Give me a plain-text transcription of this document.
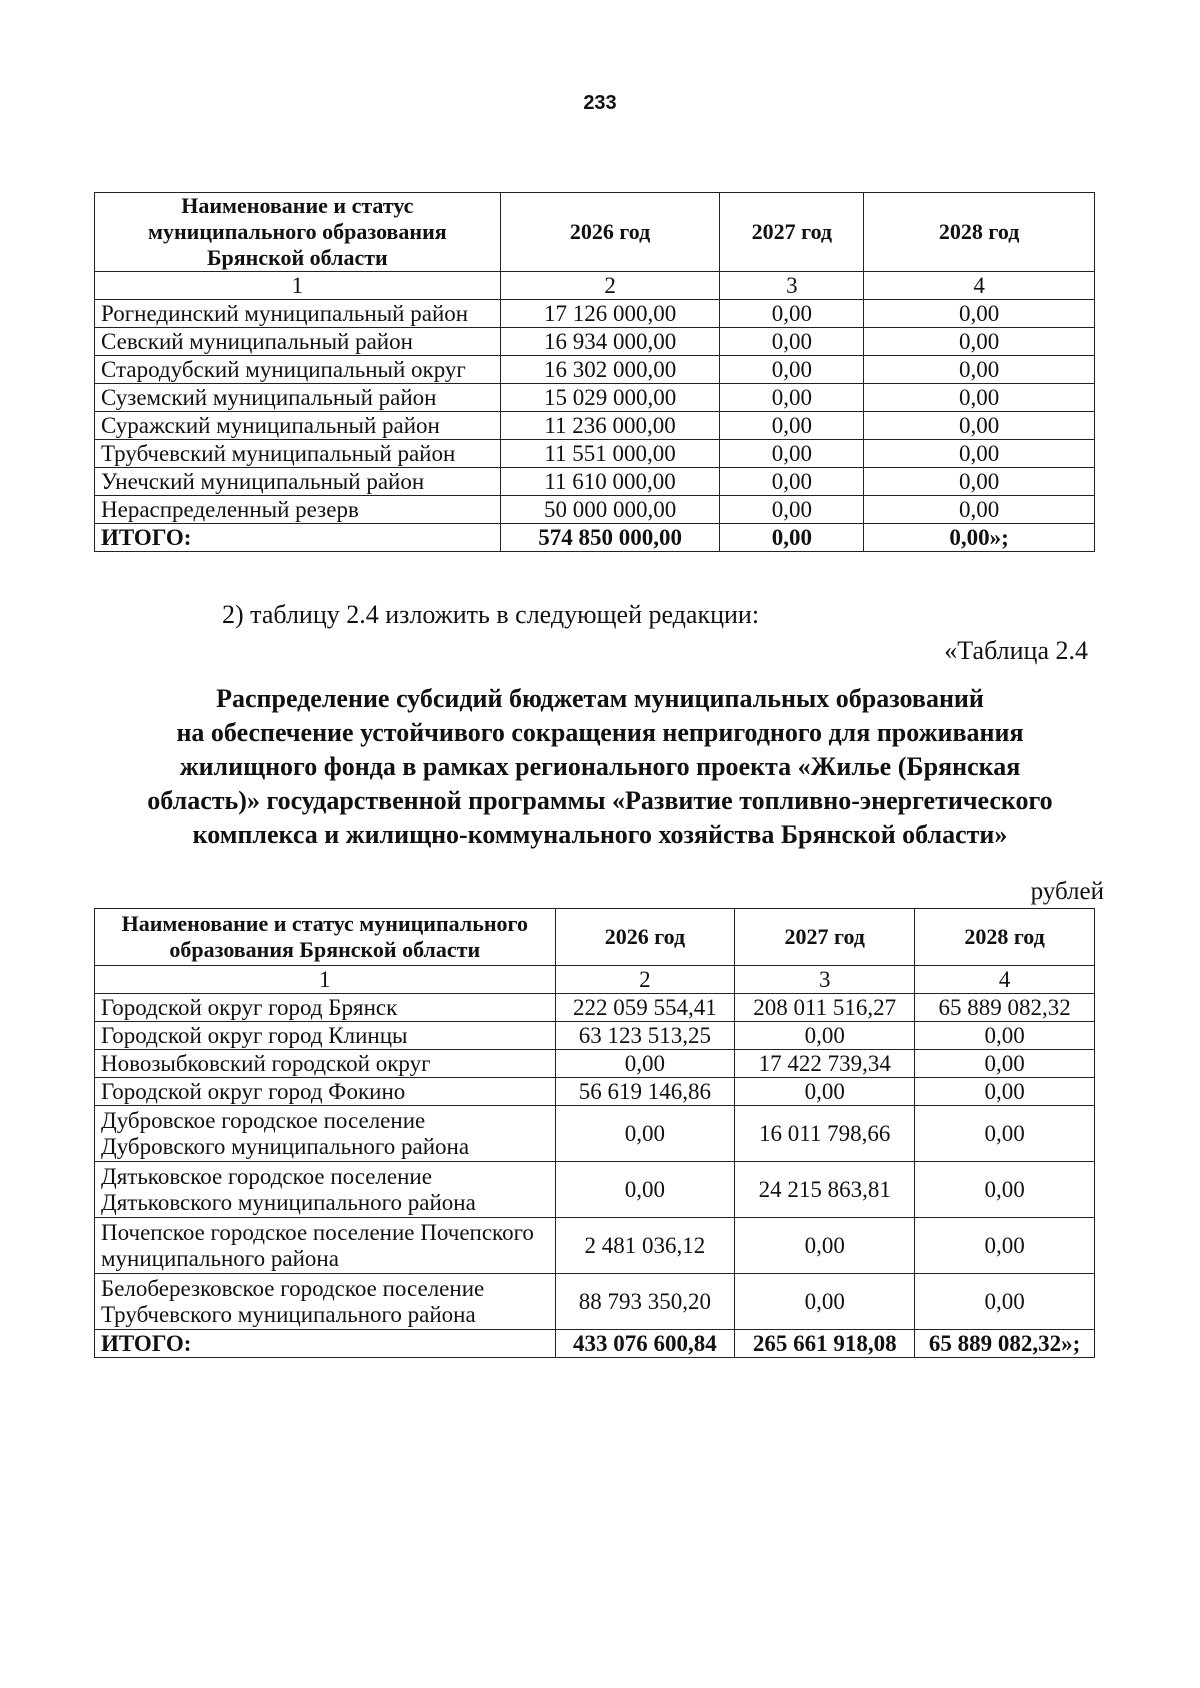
233
Наименование и статус муниципального образования Брянской области	2026 год	2027 год	2028 год
1	2	3	4
Рогнединский муниципальный район	17 126 000,00	0,00	0,00
Севский муниципальный район	16 934 000,00	0,00	0,00
Стародубский муниципальный округ	16 302 000,00	0,00	0,00
Суземский муниципальный район	15 029 000,00	0,00	0,00
Суражский муниципальный район	11 236 000,00	0,00	0,00
Трубчевский муниципальный район	11 551 000,00	0,00	0,00
Унечский муниципальный район	11 610 000,00	0,00	0,00
Нераспределенный резерв	50 000 000,00	0,00	0,00
ИТОГО:	574 850 000,00	0,00	0,00»;
2) таблицу 2.4 изложить в следующей редакции:
«Таблица 2.4
Распределение субсидий бюджетам муниципальных образований
на обеспечение устойчивого сокращения непригодного для проживания
жилищного фонда в рамках регионального проекта «Жилье (Брянская
область)» государственной программы «Развитие топливно-энергетического
комплекса и жилищно-коммунального хозяйства Брянской области»
рублей
Наименование и статус муниципального образования Брянской области	2026 год	2027 год	2028 год
1	2	3	4
Городской округ город Брянск	222 059 554,41	208 011 516,27	65 889 082,32
Городской округ город Клинцы	63 123 513,25	0,00	0,00
Новозыбковский городской округ	0,00	17 422 739,34	0,00
Городской округ город Фокино	56 619 146,86	0,00	0,00
Дубровское городское поселение Дубровского муниципального района	0,00	16 011 798,66	0,00
Дятьковское городское поселение Дятьковского муниципального района	0,00	24 215 863,81	0,00
Почепское городское поселение Почепского муниципального района	2 481 036,12	0,00	0,00
Белоберезковское городское поселение Трубчевского муниципального района	88 793 350,20	0,00	0,00
ИТОГО:	433 076 600,84	265 661 918,08	65 889 082,32»;
